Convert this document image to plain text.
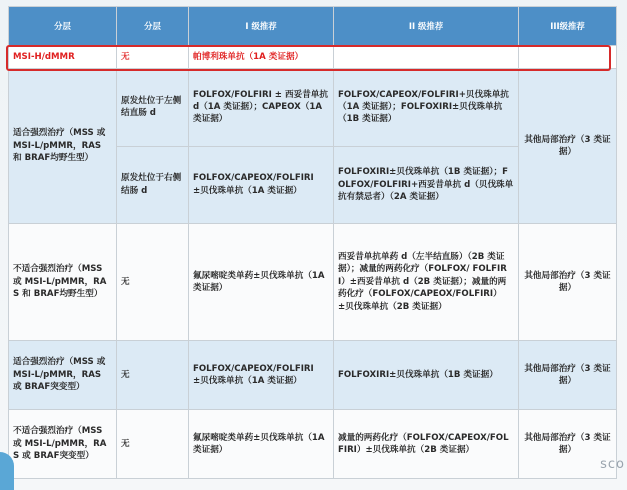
分层	分层	I 级推荐	II 级推荐	III级推荐
MSI-H/dMMR	无	帕博利珠单抗（1A 类证据）		
适合强烈治疗（MSS 或 MSI-L/pMMR，RAS 和 BRAF均野生型）	原发灶位于左侧结直肠 d	FOLFOX/FOLFIRI ± 西妥昔单抗 d（1A 类证据）；CAPEOX（1A 类证据）	FOLFOX/CAPEOX/FOLFIRI+贝伐珠单抗（1A 类证据）；FOLFOXIRI±贝伐珠单抗（1B 类证据）	其他局部治疗（3 类证据）
	原发灶位于右侧结肠 d	FOLFOX/CAPEOX/FOLFIRI±贝伐珠单抗（1A 类证据）	FOLFOXIRI±贝伐珠单抗（1B 类证据）；FOLFOX/FOLFIRI+西妥昔单抗 d（贝伐珠单抗有禁忌者）（2A 类证据）	
不适合强烈治疗（MSS 或 MSI-L/pMMR，RAS 和 BRAF均野生型）	无	氟尿嘧啶类单药±贝伐珠单抗（1A 类证据）	西妥昔单抗单药 d（左半结直肠）（2B 类证据）；减量的两药化疗（FOLFOX/ FOLFIRI）±西妥昔单抗 d（2B 类证据）；减量的两药化疗（FOLFOX/CAPEOX/FOLFIRI）±贝伐珠单抗（2B 类证据）	其他局部治疗（3 类证据）
适合强烈治疗（MSS 或 MSI-L/pMMR，RAS 或 BRAF突变型）	无	FOLFOX/CAPEOX/FOLFIRI±贝伐珠单抗（1A 类证据）	FOLFOXIRI±贝伐珠单抗（1B 类证据）	其他局部治疗（3 类证据）
不适合强烈治疗（MSS 或 MSI-L/pMMR，RAS 或 BRAF突变型）	无	氟尿嘧啶类单药±贝伐珠单抗（1A 类证据）	减量的两药化疗（FOLFOX/CAPEOX/FOLFIRI）±贝伐珠单抗（2B 类证据）	其他局部治疗（3 类证据）
sco
